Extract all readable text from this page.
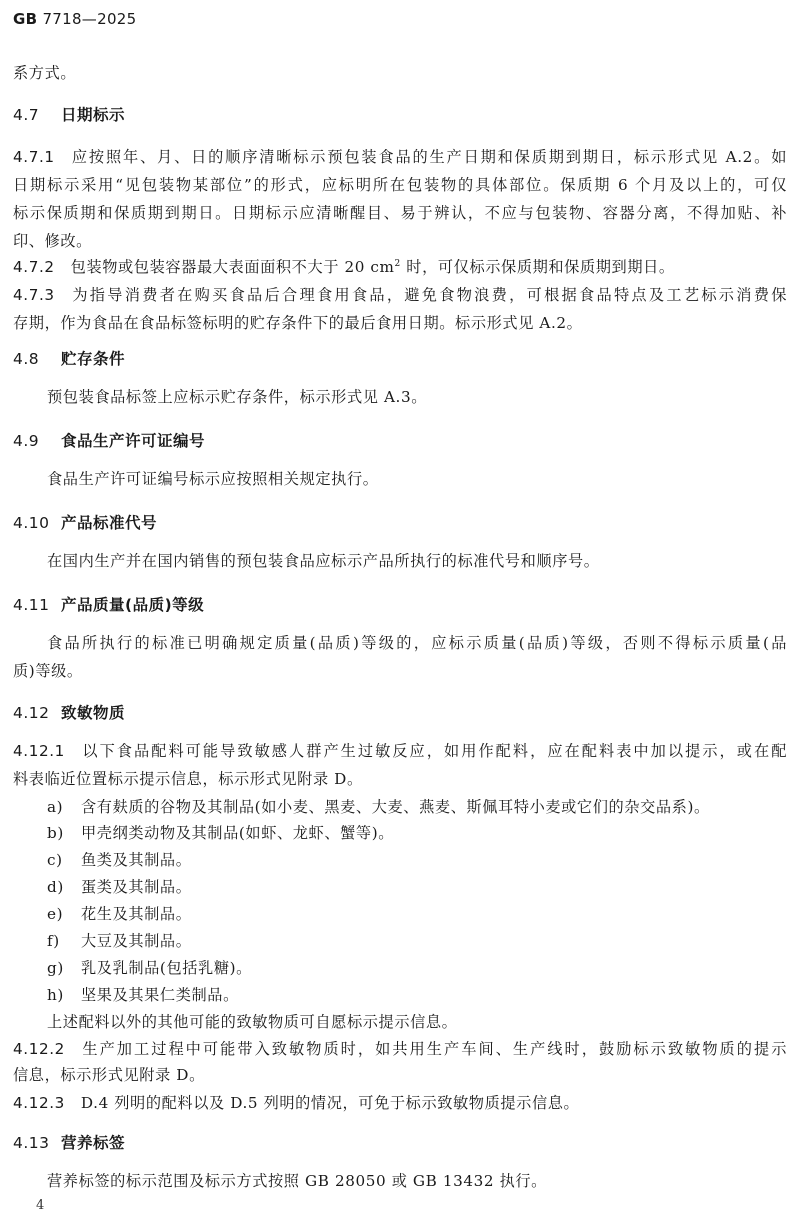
GB 7718—2025
系方式。
4.7 日期标示
4.7.1 应按照年、月、日的顺序清晰标示预包装食品的生产日期和保质期到期日，标示形式见 A.2。如
日期标示采用“见包装物某部位”的形式，应标明所在包装物的具体部位。保质期 6 个月及以上的，可仅
标示保质期和保质期到期日。日期标示应清晰醒目、易于辨认，不应与包装物、容器分离，不得加贴、补
印、修改。
4.7.2 包装物或包装容器最大表面面积不大于 20 $cm^2$ 时，可仅标示保质期和保质期到期日。
4.7.3 为指导消费者在购买食品后合理食用食品，避免食物浪费，可根据食品特点及工艺标示消费保
存期，作为食品在食品标签标明的贮存条件下的最后食用日期。标示形式见 A.2。
4.8 贮存条件
预包装食品标签上应标示贮存条件，标示形式见 A.3。
4.9 食品生产许可证编号
食品生产许可证编号标示应按照相关规定执行。
4.10 产品标准代号
在国内生产并在国内销售的预包装食品应标示产品所执行的标准代号和顺序号。
4.11 产品质量(品质)等级
食品所执行的标准已明确规定质量(品质)等级的，应标示质量(品质)等级，否则不得标示质量(品
质)等级。
4.12 致敏物质
4.12.1 以下食品配料可能导致敏感人群产生过敏反应，如用作配料，应在配料表中加以提示，或在配
料表临近位置标示提示信息，标示形式见附录 D。
a) 含有麸质的谷物及其制品(如小麦、黑麦、大麦、燕麦、斯佩耳特小麦或它们的杂交品系)。
b) 甲壳纲类动物及其制品(如虾、龙虾、蟹等)。
c) 鱼类及其制品。
d) 蛋类及其制品。
e) 花生及其制品。
f) 大豆及其制品。
g) 乳及乳制品(包括乳糖)。
h) 坚果及其果仁类制品。
上述配料以外的其他可能的致敏物质可自愿标示提示信息。
4.12.2 生产加工过程中可能带入致敏物质时，如共用生产车间、生产线时，鼓励标示致敏物质的提示
信息，标示形式见附录 D。
4.12.3 D.4 列明的配料以及 D.5 列明的情况，可免于标示致敏物质提示信息。
4.13 营养标签
营养标签的标示范围及标示方式按照 GB 28050 或 GB 13432 执行。
4
